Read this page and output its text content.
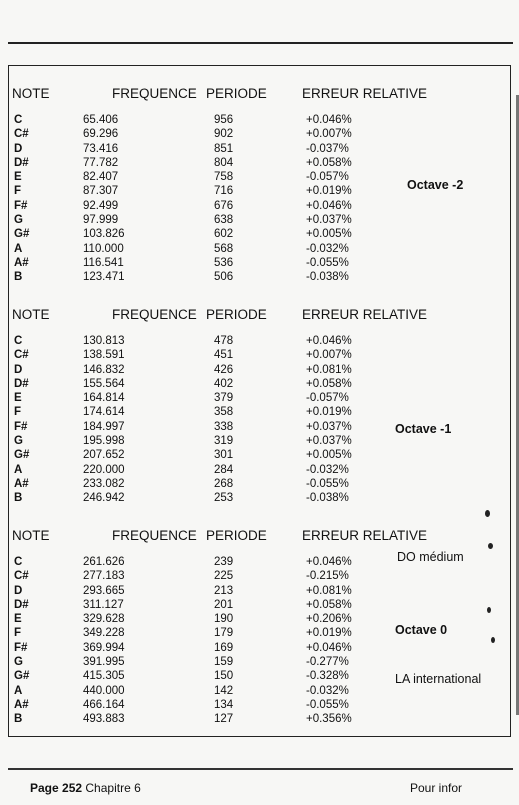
NOTE	FREQUENCE PERIODE	ERREUR RELATIVE
C	65.406	956	+0.046%
C#	69.296	902	+0.007%
D	73.416	851	-0.037%
D#	77.782	804	+0.058%
E	82.407	758	-0.057%
F	87.307	716	+0.019%
F#	92.499	676	+0.046%
G	97.999	638	+0.037%
G#	103.826	602	+0.005%
A	110.000	568	-0.032%
A#	116.541	536	-0.055%
B	123.471	506	-0.038%
Octave -2
NOTE	FREQUENCE PERIODE	ERREUR RELATIVE
C	130.813	478	+0.046%
C#	138.591	451	+0.007%
D	146.832	426	+0.081%
D#	155.564	402	+0.058%
E	164.814	379	-0.057%
F	174.614	358	+0.019%
F#	184.997	338	+0.037%
G	195.998	319	+0.037%
G#	207.652	301	+0.005%
A	220.000	284	-0.032%
A#	233.082	268	-0.055%
B	246.942	253	-0.038%
Octave -1
NOTE	FREQUENCE PERIODE	ERREUR RELATIVE
C	261.626	239	+0.046%
C#	277.183	225	-0.215%
D	293.665	213	+0.081%
D#	311.127	201	+0.058%
E	329.628	190	+0.206%
F	349.228	179	+0.019%
F#	369.994	169	+0.046%
G	391.995	159	-0.277%
G#	415.305	150	-0.328%
A	440.000	142	-0.032%
A#	466.164	134	-0.055%
B	493.883	127	+0.356%
DO médium
Octave 0
LA international
Page 252 Chapitre 6	Pour infor
